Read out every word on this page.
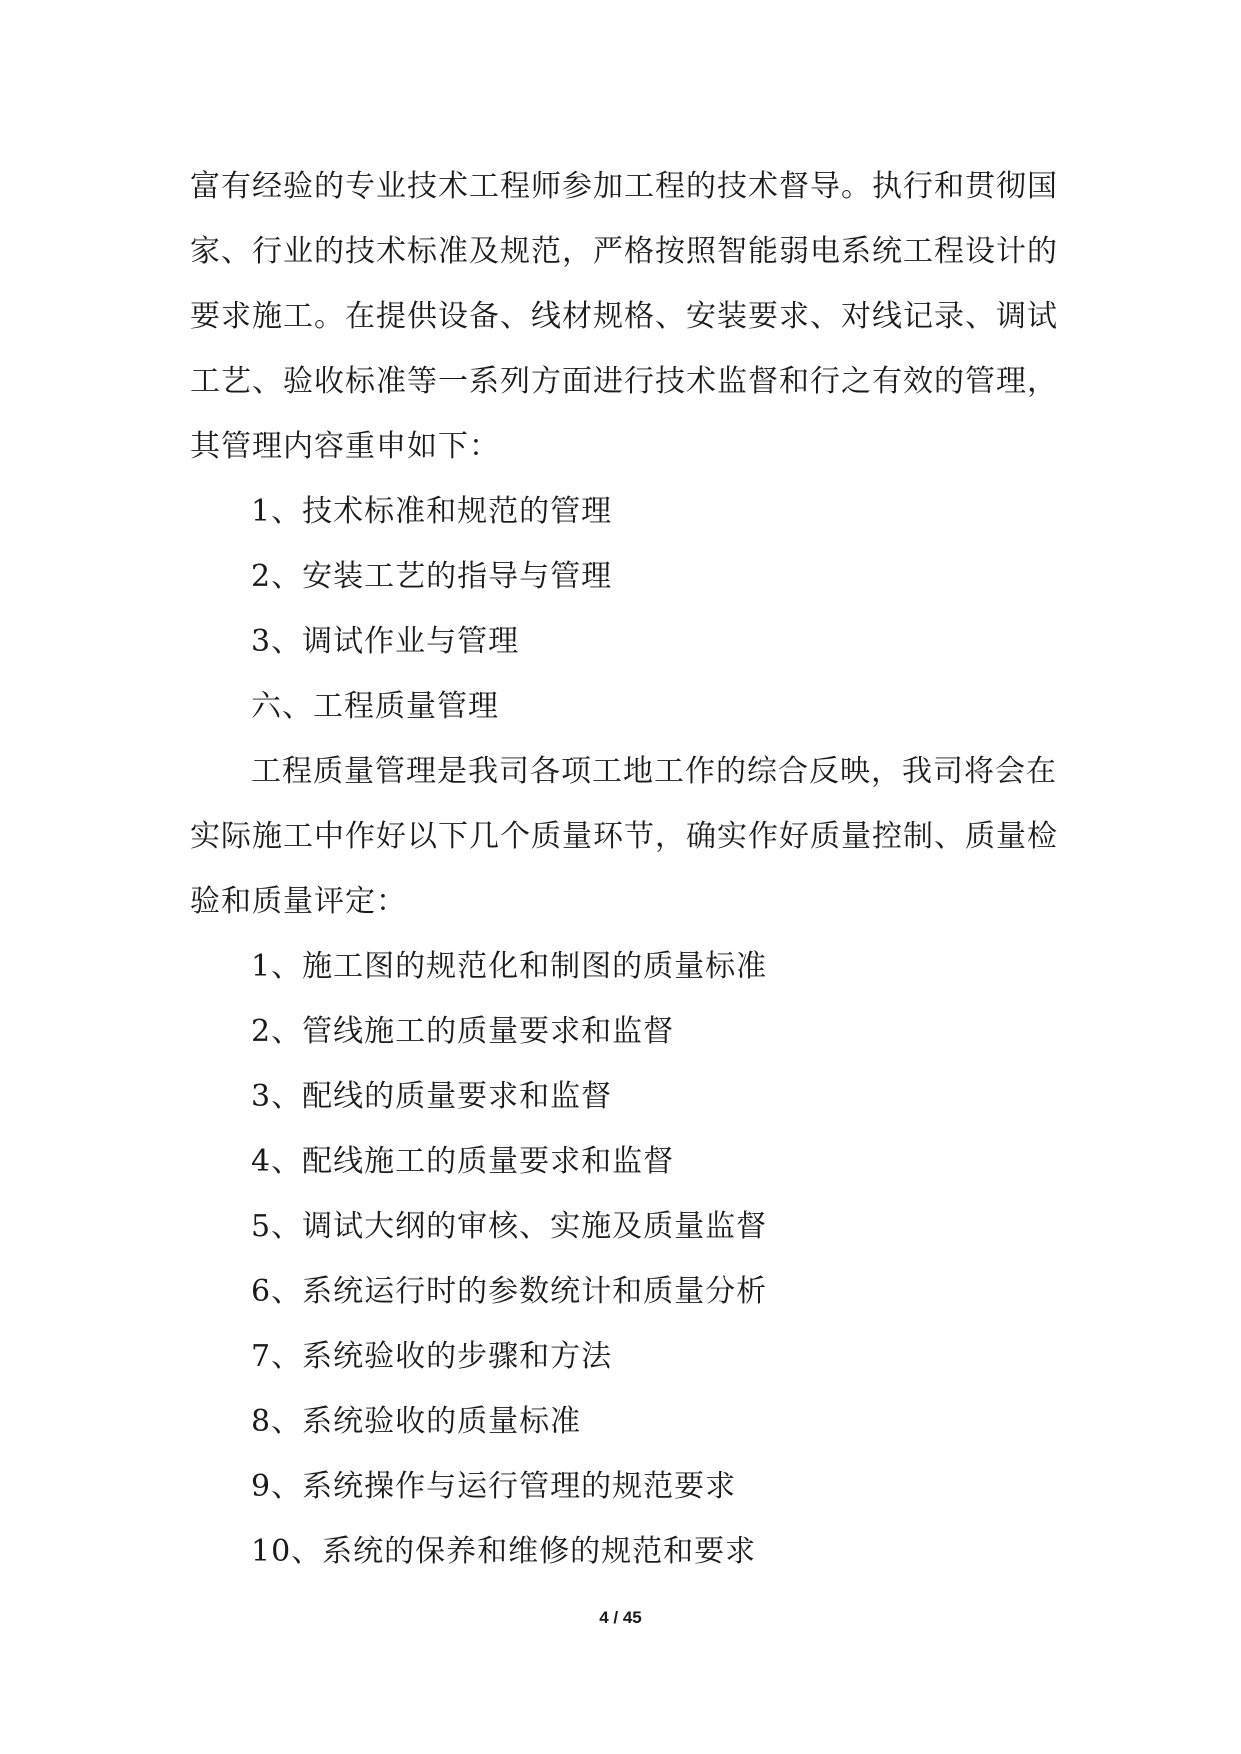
富有经验的专业技术工程师参加工程的技术督导。执行和贯彻国
家、行业的技术标准及规范，严格按照智能弱电系统工程设计的
要求施工。在提供设备、线材规格、安装要求、对线记录、调试
工艺、验收标准等一系列方面进行技术监督和行之有效的管理，
其管理内容重申如下：
1、技术标准和规范的管理
2、安装工艺的指导与管理
3、调试作业与管理
六、工程质量管理
工程质量管理是我司各项工地工作的综合反映，我司将会在
实际施工中作好以下几个质量环节，确实作好质量控制、质量检
验和质量评定：
1、施工图的规范化和制图的质量标准
2、管线施工的质量要求和监督
3、配线的质量要求和监督
4、配线施工的质量要求和监督
5、调试大纲的审核、实施及质量监督
6、系统运行时的参数统计和质量分析
7、系统验收的步骤和方法
8、系统验收的质量标准
9、系统操作与运行管理的规范要求
10、系统的保养和维修的规范和要求
4 / 45
